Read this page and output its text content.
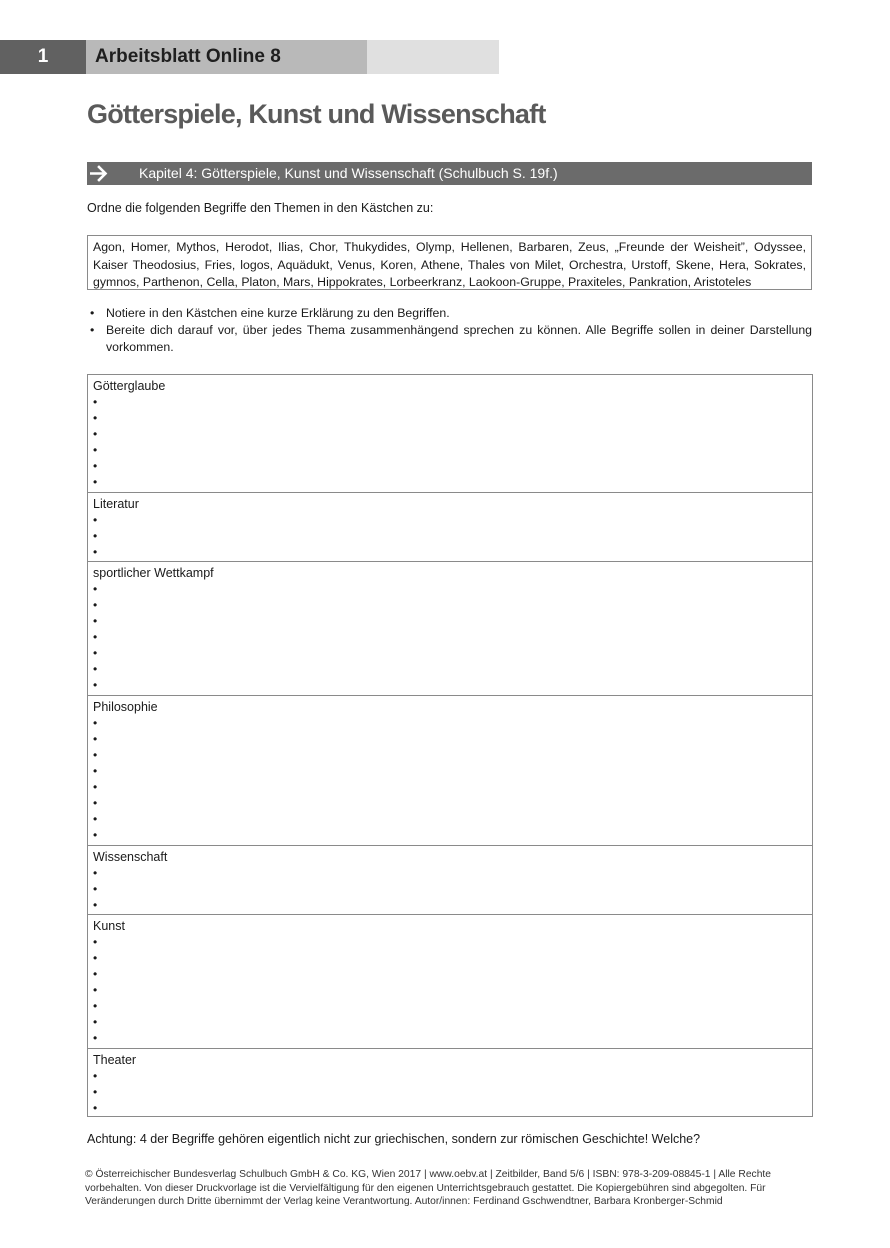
1	Arbeitsblatt Online 8
Götterspiele, Kunst und Wissenschaft
Kapitel 4: Götterspiele, Kunst und Wissenschaft (Schulbuch S. 19f.)

Ordne die folgenden Begriffe den Themen in den Kästchen zu:

Agon, Homer, Mythos, Herodot, Ilias, Chor, Thukydides, Olymp, Hellenen, Barbaren, Zeus, „Freunde der Weisheit”, Odyssee, Kaiser Theodosius, Fries, logos, Aquädukt, Venus, Koren, Athene, Thales von Milet, Orchestra, Urstoff, Skene, Hera, Sokrates, gymnos, Parthenon, Cella, Platon, Mars, Hippokrates, Lorbeerkranz, Laokoon-Gruppe, Praxiteles, Pankration, Aristoteles
• Notiere in den Kästchen eine kurze Erklärung zu den Begriffen.
• Bereite dich darauf vor, über jedes Thema zusammenhängend sprechen zu können. Alle Begriffe sollen in deiner Darstellung vorkommen.
Götterglaube
•
•
•
•
•
•
Literatur
•
•
•
sportlicher Wettkampf
•
•
•
•
•
•
•
Philosophie
•
•
•
•
•
•
•
•
Wissenschaft
•
•
•
Kunst
•
•
•
•
•
•
•
Theater
•
•
•

Achtung: 4 der Begriffe gehören eigentlich nicht zur griechischen, sondern zur römischen Geschichte! Welche?

© Österreichischer Bundesverlag Schulbuch GmbH & Co. KG, Wien 2017 | www.oebv.at | Zeitbilder, Band 5/6 | ISBN: 978-3-209-08845-1 | Alle Rechte
vorbehalten. Von dieser Druckvorlage ist die Vervielfältigung für den eigenen Unterrichtsgebrauch gestattet. Die Kopiergebühren sind abgegolten. Für
Veränderungen durch Dritte übernimmt der Verlag keine Verantwortung. Autor/innen: Ferdinand Gschwendtner, Barbara Kronberger-Schmid
